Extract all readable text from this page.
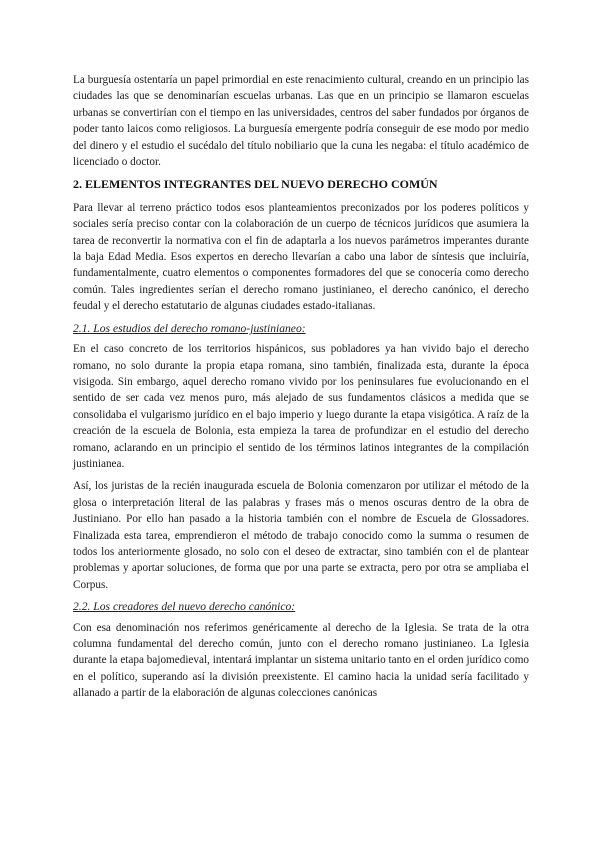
La burguesía ostentaría un papel primordial en este renacimiento cultural, creando en un principio las ciudades las que se denominarían escuelas urbanas. Las que en un principio se llamaron escuelas urbanas se convertirían con el tiempo en las universidades, centros del saber fundados por órganos de poder tanto laicos como religiosos. La burguesía emergente podría conseguir de ese modo por medio del dinero y el estudio el sucédalo del título nobiliario que la cuna les negaba: el título académico de licenciado o doctor.

2. ELEMENTOS INTEGRANTES DEL NUEVO DERECHO COMÚN

Para llevar al terreno práctico todos esos planteamientos preconizados por los poderes políticos y sociales sería preciso contar con la colaboración de un cuerpo de técnicos jurídicos que asumiera la tarea de reconvertir la normativa con el fin de adaptarla a los nuevos parámetros imperantes durante la baja Edad Media. Esos expertos en derecho llevarían a cabo una labor de síntesis que incluiría, fundamentalmente, cuatro elementos o componentes formadores del que se conocería como derecho común. Tales ingredientes serían el derecho romano justinianeo, el derecho canónico, el derecho feudal y el derecho estatutario de algunas ciudades estado-italianas.

2.1. Los estudios del derecho romano-justinianeo:

En el caso concreto de los territorios hispánicos, sus pobladores ya han vivido bajo el derecho romano, no solo durante la propia etapa romana, sino también, finalizada esta, durante la época visigoda. Sin embargo, aquel derecho romano vivido por los peninsulares fue evolucionando en el sentido de ser cada vez menos puro, más alejado de sus fundamentos clásicos a medida que se consolidaba el vulgarismo jurídico en el bajo imperio y luego durante la etapa visigótica. A raíz de la creación de la escuela de Bolonia, esta empieza la tarea de profundizar en el estudio del derecho romano, aclarando en un principio el sentido de los términos latinos integrantes de la compilación justinianea.

Así, los juristas de la recién inaugurada escuela de Bolonia comenzaron por utilizar el método de la glosa o interpretación literal de las palabras y frases más o menos oscuras dentro de la obra de Justiniano. Por ello han pasado a la historia también con el nombre de Escuela de Glossadores. Finalizada esta tarea, emprendieron el método de trabajo conocido como la summa o resumen de todos los anteriormente glosado, no solo con el deseo de extractar, sino también con el de plantear problemas y aportar soluciones, de forma que por una parte se extracta, pero por otra se ampliaba el Corpus.

2.2. Los creadores del nuevo derecho canónico:

Con esa denominación nos referimos genéricamente al derecho de la Iglesia. Se trata de la otra columna fundamental del derecho común, junto con el derecho romano justinianeo. La Iglesia durante la etapa bajomedieval, intentará implantar un sistema unitario tanto en el orden jurídico como en el político, superando así la división preexistente. El camino hacia la unidad sería facilitado y allanado a partir de la elaboración de algunas colecciones canónicas
